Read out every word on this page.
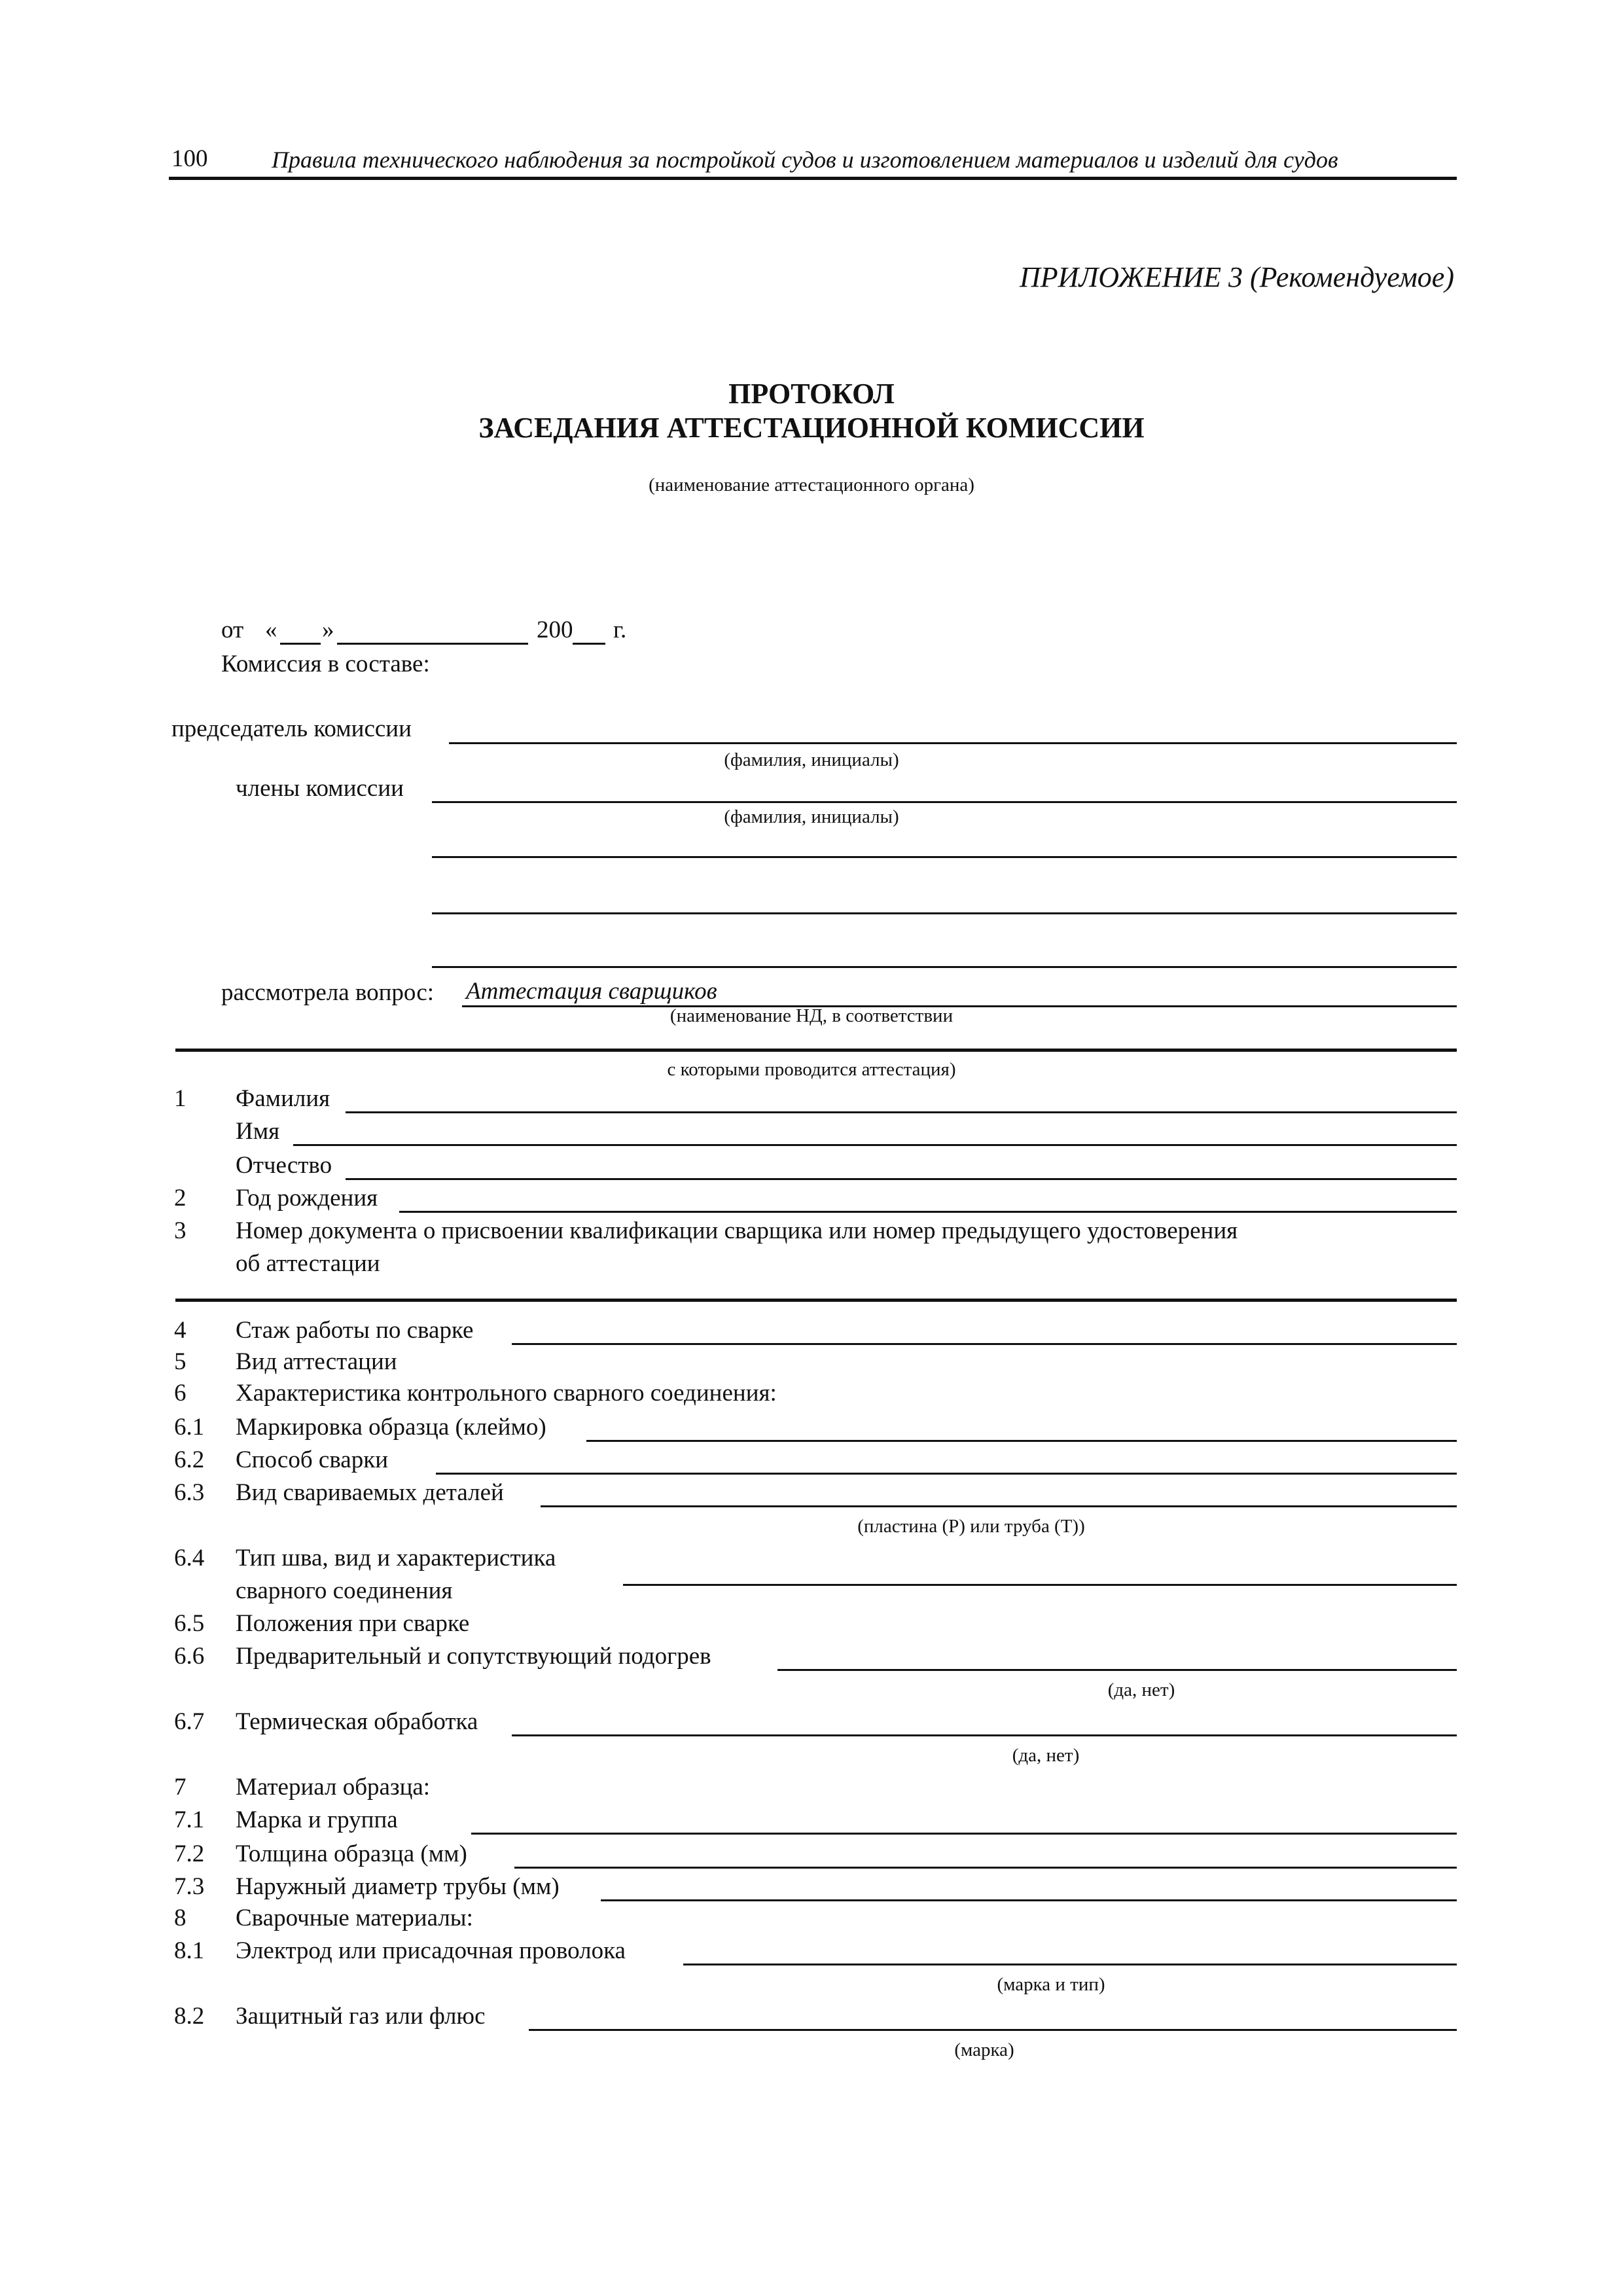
100	Правила технического наблюдения за постройкой судов и изготовлением материалов и изделий для судов
ПРИЛОЖЕНИЕ 3 (Рекомендуемое)
ПРОТОКОЛ
ЗАСЕДАНИЯ АТТЕСТАЦИОННОЙ КОМИССИИ
(наименование аттестационного органа)
от « »	200 г.
Комиссия в составе:
председатель комиссии
(фамилия, инициалы)
члены комиссии
(фамилия, инициалы)
рассмотрела вопрос: Аттестация сварщиков
(наименование НД, в соответствии
с которыми проводится аттестация)
1 Фамилия
Имя
Отчество
2 Год рождения
3 Номер документа о присвоении квалификации сварщика или номер предыдущего удостоверения
об аттестации
4 Стаж работы по сварке
5 Вид аттестации
6 Характеристика контрольного сварного соединения:
6.1 Маркировка образца (клеймо)
6.2 Способ сварки
6.3 Вид свариваемых деталей
(пластина (P) или труба (T))
6.4 Тип шва, вид и характеристика
сварного соединения
6.5 Положения при сварке
6.6 Предварительный и сопутствующий подогрев
(да, нет)
6.7 Термическая обработка
(да, нет)
7 Материал образца:
7.1 Марка и группа
7.2 Толщина образца (мм)
7.3 Наружный диаметр трубы (мм)
8 Сварочные материалы:
8.1 Электрод или присадочная проволока
(марка и тип)
8.2 Защитный газ или флюс
(марка)
